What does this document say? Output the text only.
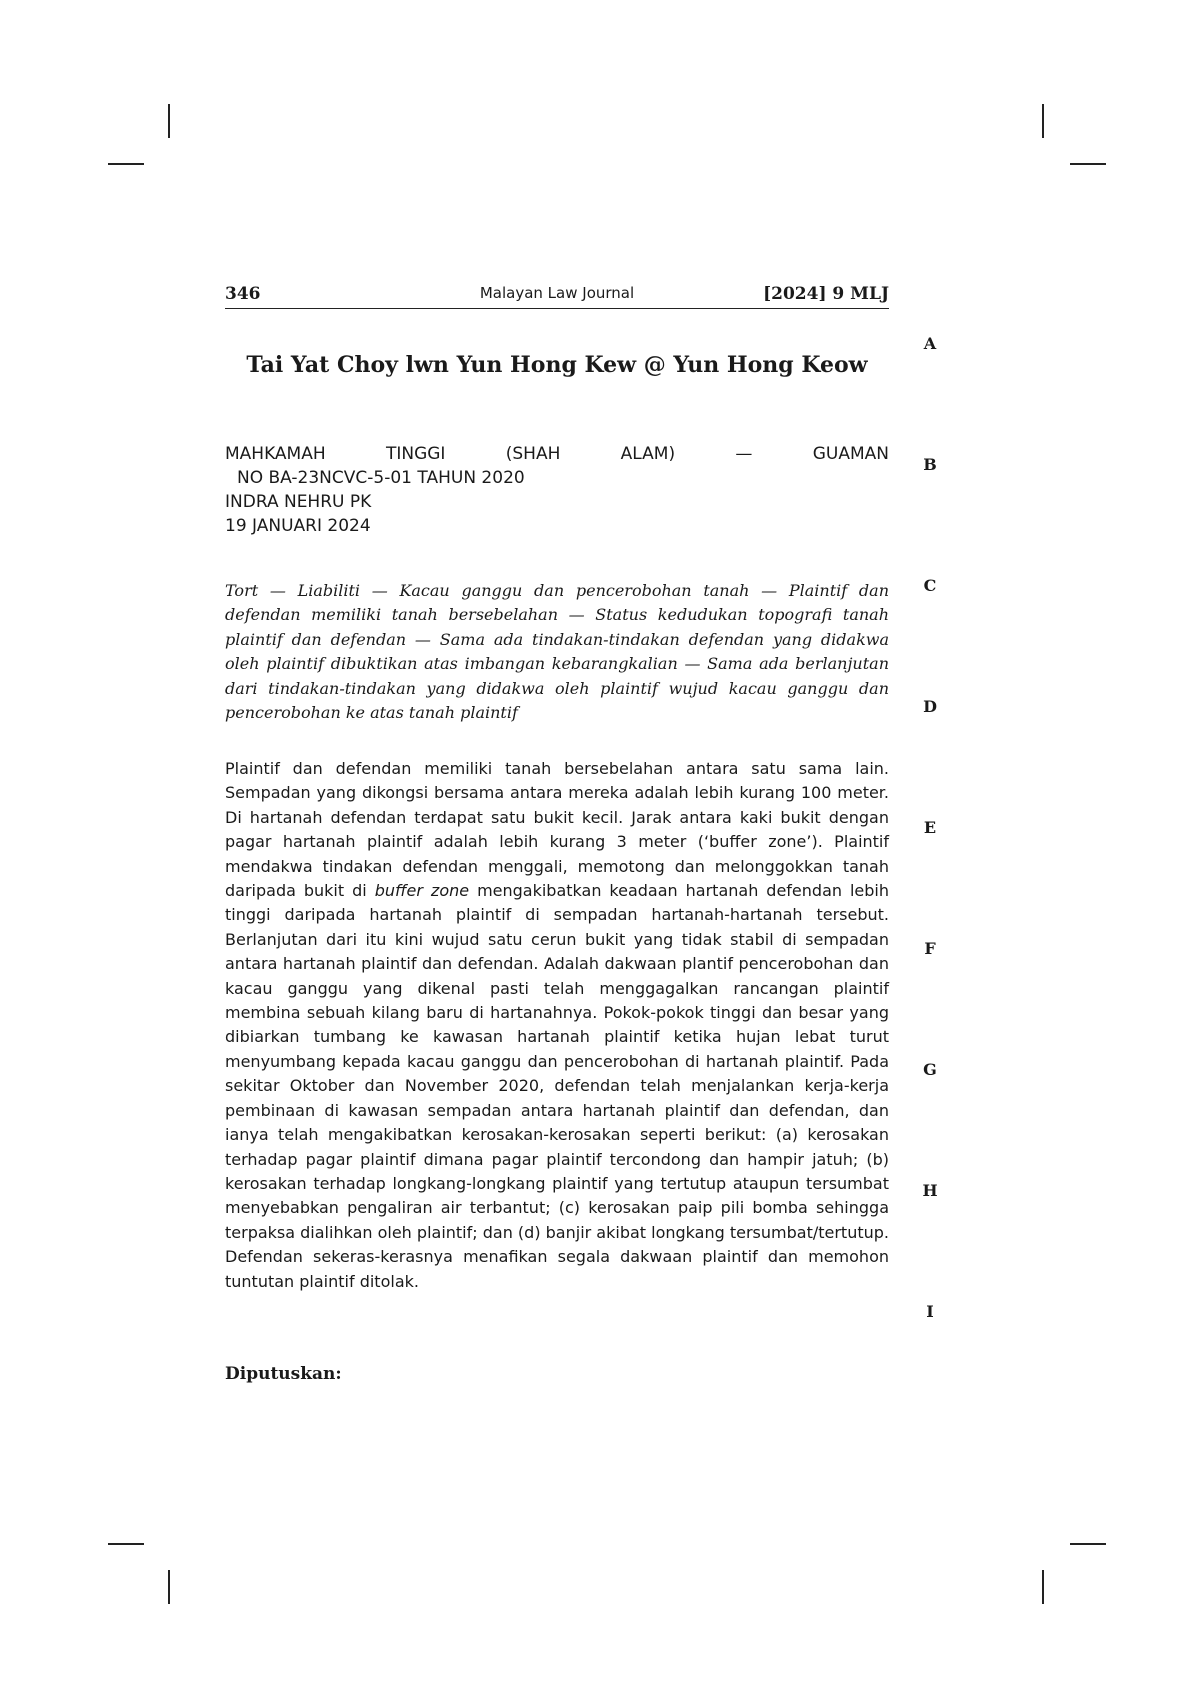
346	Malayan Law Journal	[2024] 9 MLJ
Tai Yat Choy lwn Yun Hong Kew @ Yun Hong Keow
MAHKAMAH TINGGI (SHAH ALAM) — GUAMAN
NO BA-23NCVC-5-01 TAHUN 2020
INDRA NEHRU PK
19 JANUARI 2024

Tort — Liabiliti — Kacau ganggu dan pencerobohan tanah — Plaintif dan defendan memiliki tanah bersebelahan — Status kedudukan topografi tanah plaintif dan defendan — Sama ada tindakan-tindakan defendan yang didakwa oleh plaintif dibuktikan atas imbangan kebarangkalian — Sama ada berlanjutan dari tindakan-tindakan yang didakwa oleh plaintif wujud kacau ganggu dan pencerobohan ke atas tanah plaintif

Plaintif dan defendan memiliki tanah bersebelahan antara satu sama lain. Sempadan yang dikongsi bersama antara mereka adalah lebih kurang 100 meter. Di hartanah defendan terdapat satu bukit kecil. Jarak antara kaki bukit dengan pagar hartanah plaintif adalah lebih kurang 3 meter (‘buffer zone’). Plaintif mendakwa tindakan defendan menggali, memotong dan melonggokkan tanah daripada bukit di buffer zone mengakibatkan keadaan hartanah defendan lebih tinggi daripada hartanah plaintif di sempadan hartanah-hartanah tersebut. Berlanjutan dari itu kini wujud satu cerun bukit yang tidak stabil di sempadan antara hartanah plaintif dan defendan. Adalah dakwaan plantif pencerobohan dan kacau ganggu yang dikenal pasti telah menggagalkan rancangan plaintif membina sebuah kilang baru di hartanahnya. Pokok-pokok tinggi dan besar yang dibiarkan tumbang ke kawasan hartanah plaintif ketika hujan lebat turut menyumbang kepada kacau ganggu dan pencerobohan di hartanah plaintif. Pada sekitar Oktober dan November 2020, defendan telah menjalankan kerja-kerja pembinaan di kawasan sempadan antara hartanah plaintif dan defendan, dan ianya telah mengakibatkan kerosakan-kerosakan seperti berikut: (a) kerosakan terhadap pagar plaintif dimana pagar plaintif tercondong dan hampir jatuh; (b) kerosakan terhadap longkang-longkang plaintif yang tertutup ataupun tersumbat menyebabkan pengaliran air terbantut; (c) kerosakan paip pili bomba sehingga terpaksa dialihkan oleh plaintif; dan (d) banjir akibat longkang tersumbat/tertutup. Defendan sekeras-kerasnya menafikan segala dakwaan plaintif dan memohon tuntutan plaintif ditolak.

Diputuskan:
A
B
C
D
E
F
G
H
I
